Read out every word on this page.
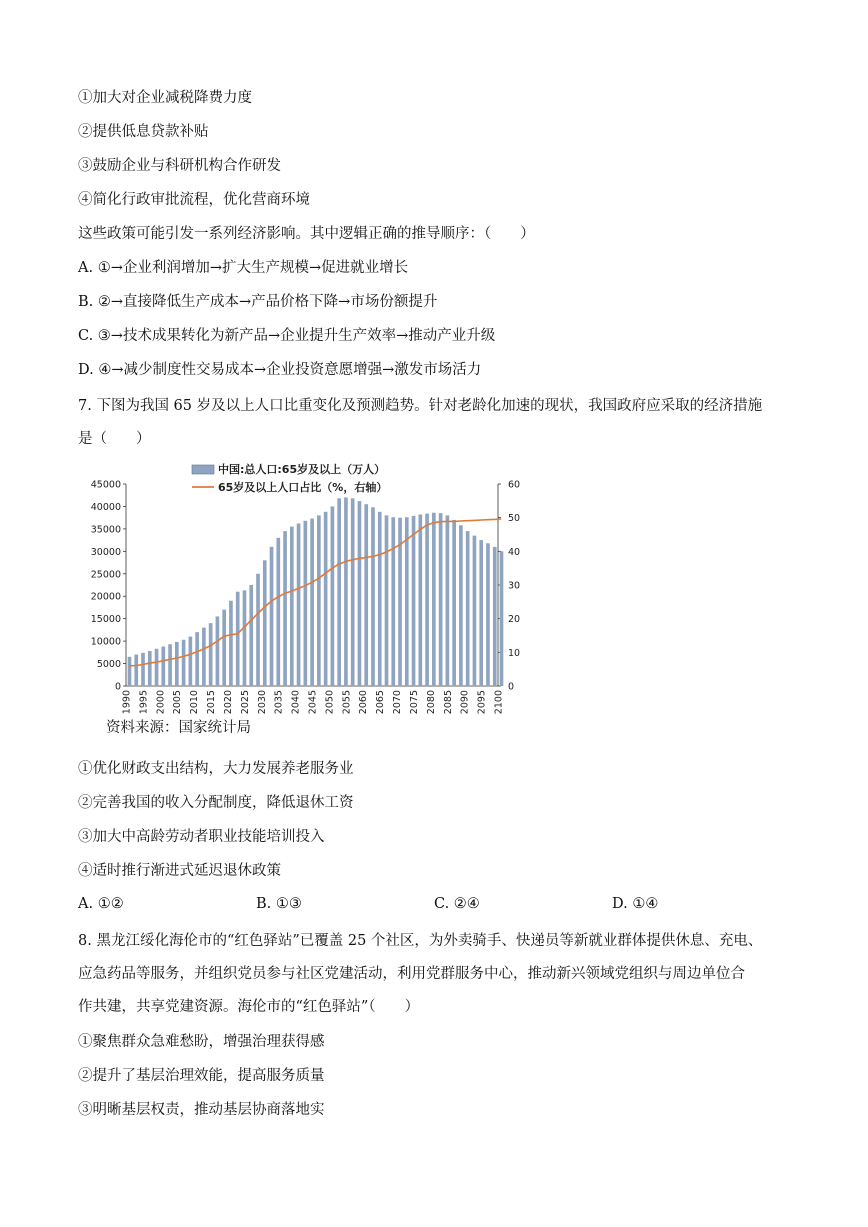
①加大对企业减税降费力度
②提供低息贷款补贴
③鼓励企业与科研机构合作研发
④简化行政审批流程，优化营商环境
这些政策可能引发一系列经济影响。其中逻辑正确的推导顺序：（　　）
A. ①→企业利润增加→扩大生产规模→促进就业增长
B. ②→直接降低生产成本→产品价格下降→市场份额提升
C. ③→技术成果转化为新产品→企业提升生产效率→推动产业升级
D. ④→减少制度性交易成本→企业投资意愿增强→激发市场活力
7. 下图为我国 65 岁及以上人口比重变化及预测趋势。针对老龄化加速的现状，我国政府应采取的经济措施
是（　　）
中国:总人口:65岁及以上（万人）
65岁及以上人口占比（%，右轴）
0
5000
10000
15000
20000
25000
30000
35000
40000
45000
0
10
20
30
40
50
60
1990 1995 2000 2005 2010 2015 2020 2025 2030 2035 2040 2045 2050 2055 2060 2065 2070 2075 2080 2085 2090 2095 2100
资料来源：国家统计局
①优化财政支出结构，大力发展养老服务业
②完善我国的收入分配制度，降低退休工资
③加大中高龄劳动者职业技能培训投入
④适时推行渐进式延迟退休政策
A. ①②	B. ①③	C. ②④	D. ①④
8. 黑龙江绥化海伦市的“红色驿站”已覆盖 25 个社区，为外卖骑手、快递员等新就业群体提供休息、充电、
应急药品等服务，并组织党员参与社区党建活动，利用党群服务中心，推动新兴领域党组织与周边单位合
作共建，共享党建资源。海伦市的“红色驿站”（　　）
①聚焦群众急难愁盼，增强治理获得感
②提升了基层治理效能，提高服务质量
③明晰基层权责，推动基层协商落地实
